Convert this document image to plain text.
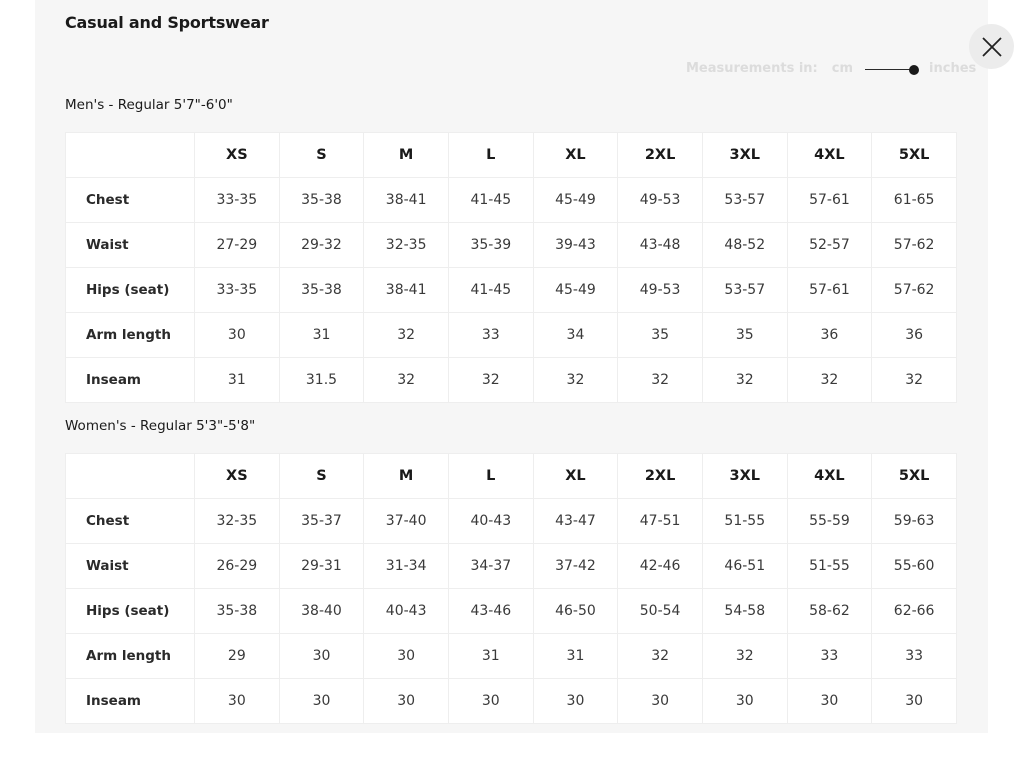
Casual and Sportswear
Measurements in: cm	inches
Men's - Regular 5'7"-6'0"
	XS	S	M	L	XL	2XL	3XL	4XL	5XL
Chest	33-35	35-38	38-41	41-45	45-49	49-53	53-57	57-61	61-65
Waist	27-29	29-32	32-35	35-39	39-43	43-48	48-52	52-57	57-62
Hips (seat)	33-35	35-38	38-41	41-45	45-49	49-53	53-57	57-61	57-62
Arm length	30	31	32	33	34	35	35	36	36
Inseam	31	31.5	32	32	32	32	32	32	32
Women's - Regular 5'3"-5'8"
	XS	S	M	L	XL	2XL	3XL	4XL	5XL
Chest	32-35	35-37	37-40	40-43	43-47	47-51	51-55	55-59	59-63
Waist	26-29	29-31	31-34	34-37	37-42	42-46	46-51	51-55	55-60
Hips (seat)	35-38	38-40	40-43	43-46	46-50	50-54	54-58	58-62	62-66
Arm length	29	30	30	31	31	32	32	33	33
Inseam	30	30	30	30	30	30	30	30	30
